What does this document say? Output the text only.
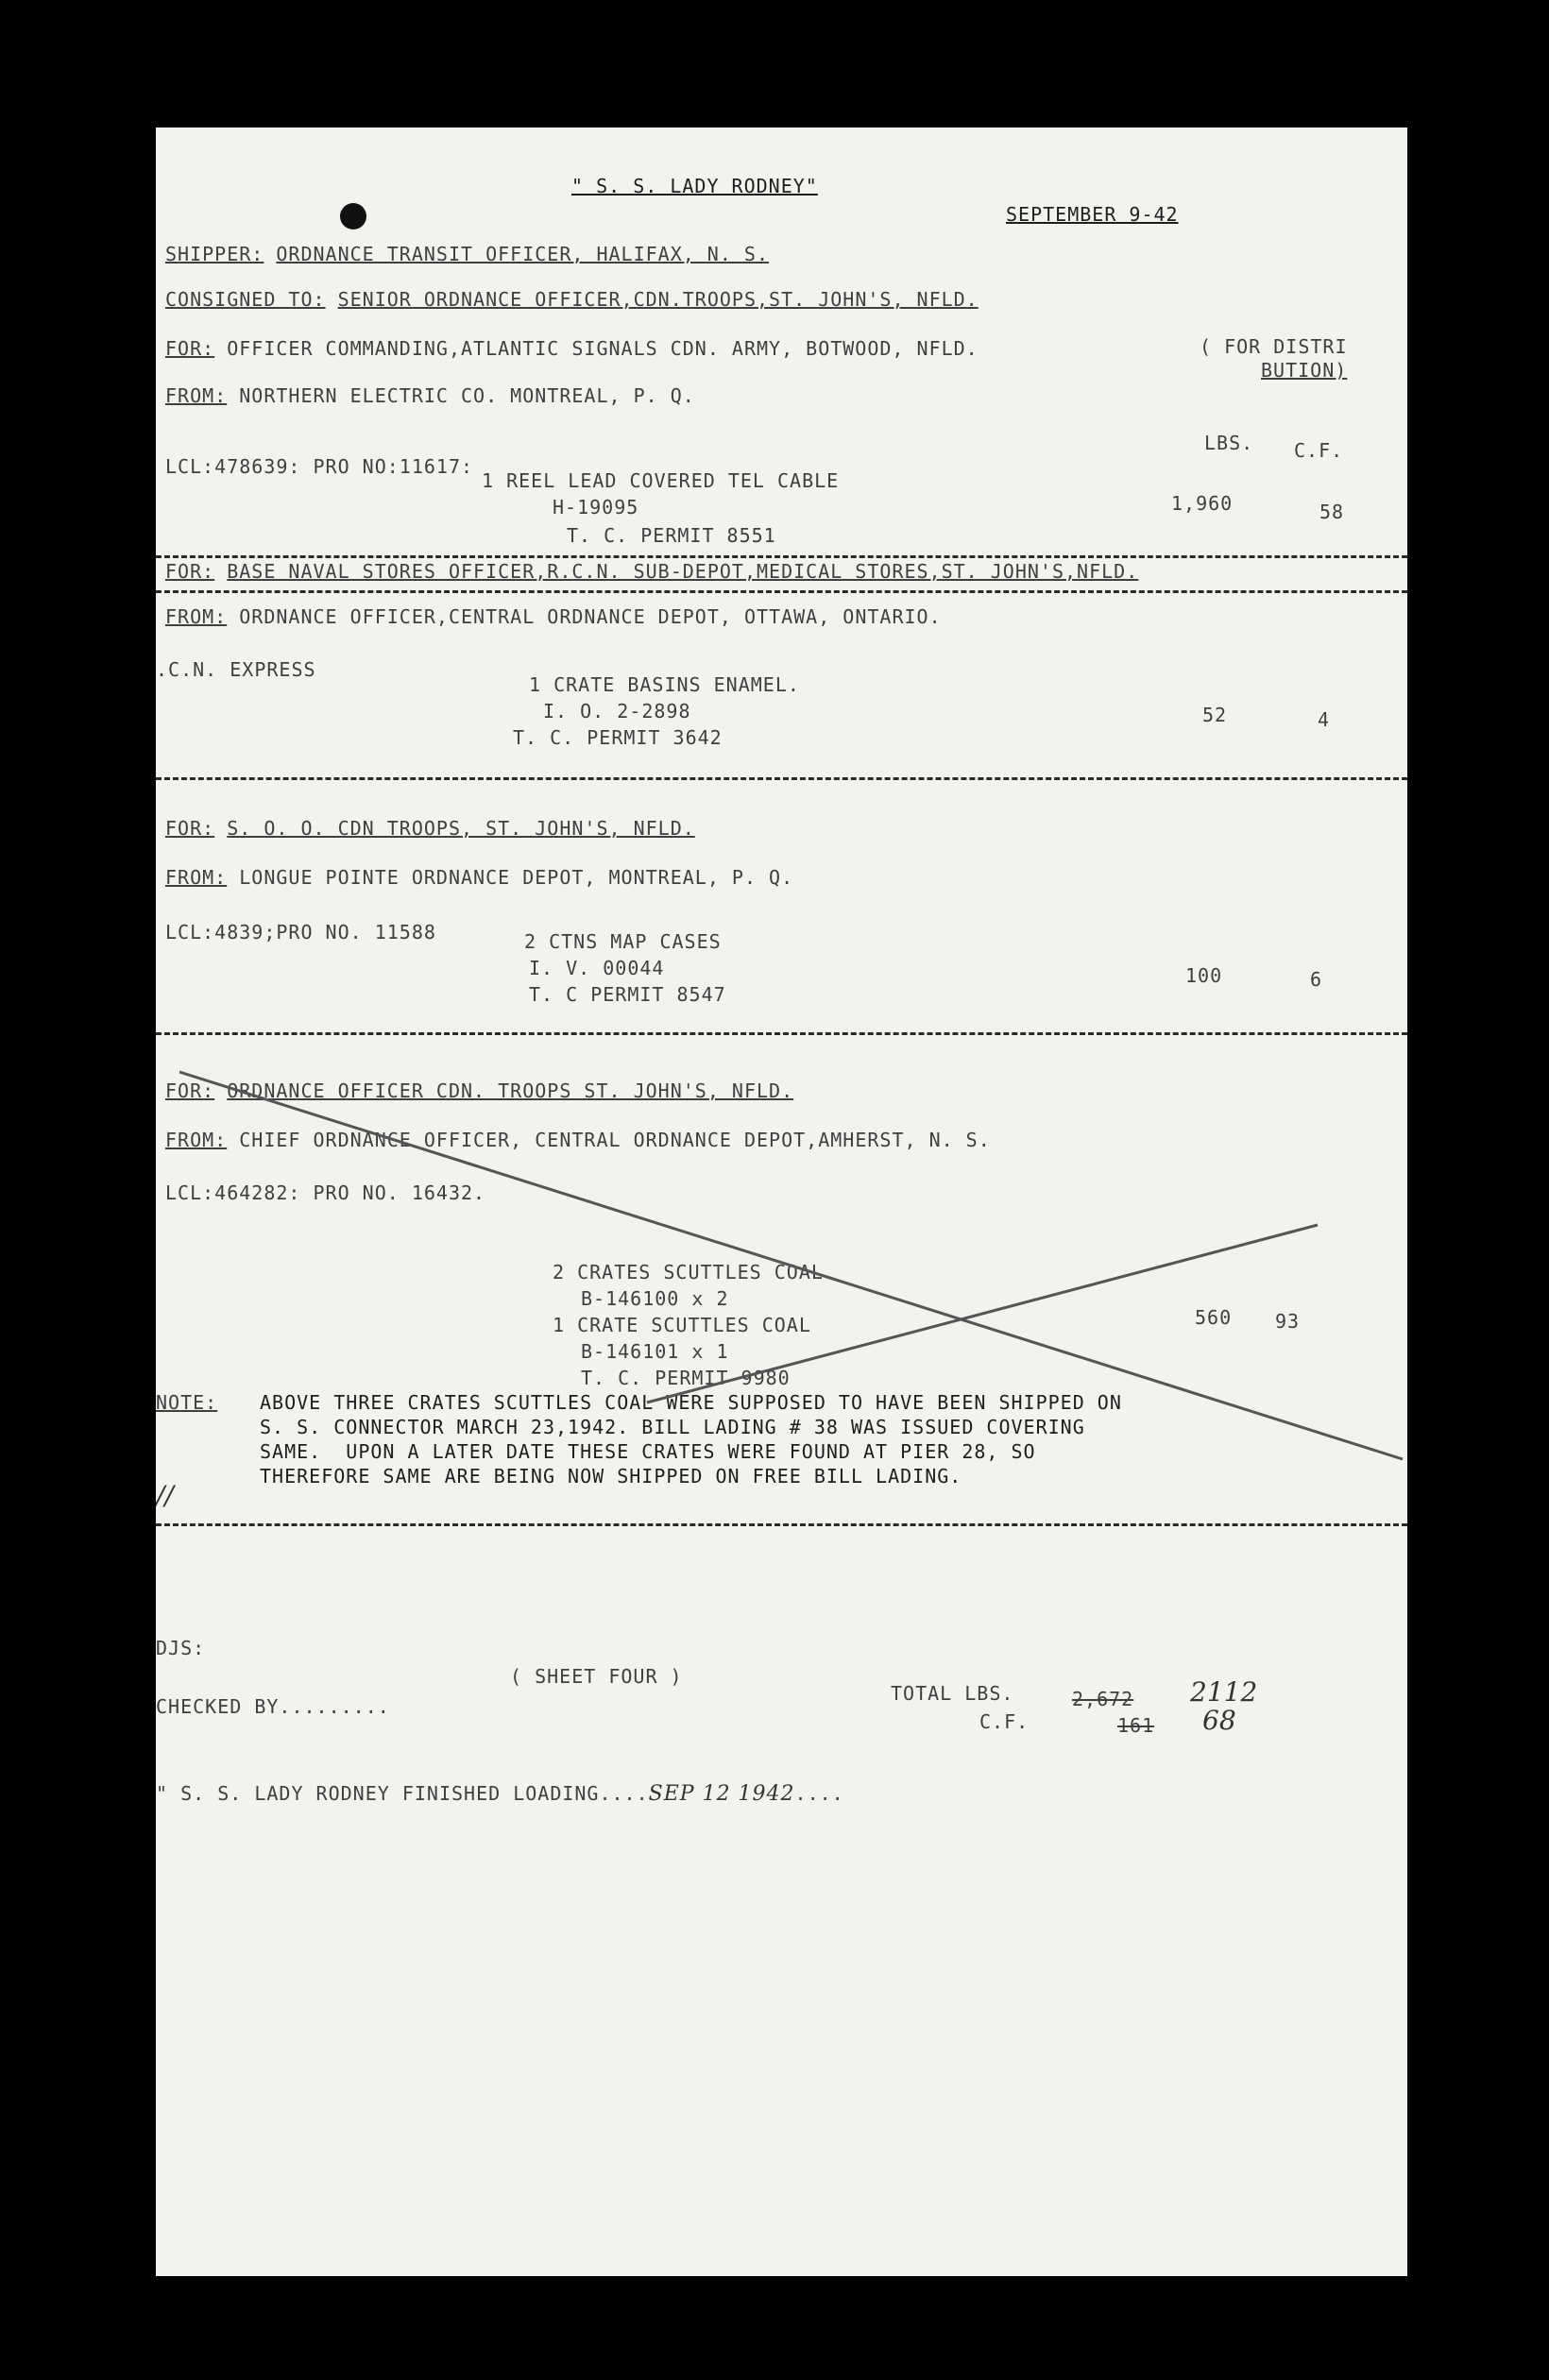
" S. S. LADY RODNEY"
SEPTEMBER 9-42
SHIPPER: ORDNANCE TRANSIT OFFICER, HALIFAX, N. S.
CONSIGNED TO: SENIOR ORDNANCE OFFICER,CDN.TROOPS,ST. JOHN'S, NFLD.
( FOR DISTRI
BUTION)
FOR: OFFICER COMMANDING,ATLANTIC SIGNALS CDN. ARMY, BOTWOOD, NFLD.
FROM: NORTHERN ELECTRIC CO. MONTREAL, P. Q.
LBS. C.F.
LCL:478639: PRO NO:11617:
1 REEL LEAD COVERED TEL CABLE
H-19095
T. C. PERMIT 8551
1,960	58
FOR: BASE NAVAL STORES OFFICER,R.C.N. SUB-DEPOT,MEDICAL STORES,ST. JOHN'S,NFLD.
FROM: ORDNANCE OFFICER,CENTRAL ORDNANCE DEPOT, OTTAWA, ONTARIO.
.C.N. EXPRESS
1 CRATE BASINS ENAMEL.
I. O. 2-2898
T. C. PERMIT 3642
52	4
FOR: S. O. O. CDN TROOPS, ST. JOHN'S, NFLD.
FROM: LONGUE POINTE ORDNANCE DEPOT, MONTREAL, P. Q.
LCL:4839;PRO NO. 11588	2 CTNS MAP CASES
I. V. 00044
T. C PERMIT 8547
100	6
FOR: ORDNANCE OFFICER CDN. TROOPS ST. JOHN'S, NFLD.
FROM: CHIEF ORDNANCE OFFICER, CENTRAL ORDNANCE DEPOT,AMHERST, N. S.
LCL:464282: PRO NO. 16432.
2 CRATES SCUTTLES COAL
B-146100 x 2
1 CRATE SCUTTLES COAL
B-146101 x 1
T. C. PERMIT 9980
560 93
NOTE: ABOVE THREE CRATES SCUTTLES COAL WERE SUPPOSED TO HAVE BEEN SHIPPED ON
S. S. CONNECTOR MARCH 23,1942. BILL LADING # 38 WAS ISSUED COVERING
SAME.  UPON A LATER DATE THESE CRATES WERE FOUND AT PIER 28, SO
THEREFORE SAME ARE BEING NOW SHIPPED ON FREE BILL LADING.
//
DJS:
( SHEET FOUR )
CHECKED BY.........
TOTAL LBS.	2,672 2112
C.F.	161 68
" S. S. LADY RODNEY FINISHED LOADING....SEP 12 1942....
